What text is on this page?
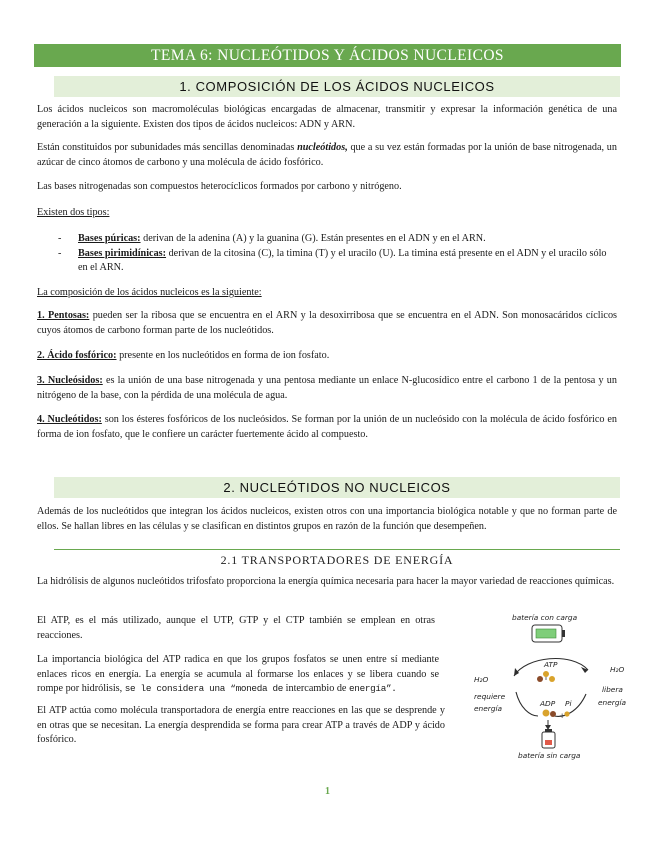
TEMA 6: NUCLEÓTIDOS Y ÁCIDOS NUCLEICOS
1. COMPOSICIÓN DE LOS ÁCIDOS NUCLEICOS

Los ácidos nucleicos son macromoléculas biológicas encargadas de almacenar, transmitir y expresar la información genética de una generación a la siguiente. Existen dos tipos de ácidos nucleicos: ADN y ARN.

Están constituidos por subunidades más sencillas denominadas nucleótidos, que a su vez están formadas por la unión de base nitrogenada, un azúcar de cinco átomos de carbono y una molécula de ácido fosfórico.

Las bases nitrogenadas son compuestos heterocíclicos formados por carbono y nitrógeno.

Existen dos tipos:

- Bases púricas: derivan de la adenina (A) y la guanina (G). Están presentes en el ADN y en el ARN.
- Bases pirimidínicas: derivan de la citosina (C), la timina (T) y el uracilo (U). La timina está presente en el ADN y el uracilo sólo en el ARN.

La composición de los ácidos nucleicos es la siguiente:

1. Pentosas: pueden ser la ribosa que se encuentra en el ARN y la desoxirribosa que se encuentra en el ADN. Son monosacáridos cíclicos cuyos átomos de carbono forman parte de los nucleótidos.

2. Ácido fosfórico: presente en los nucleótidos en forma de ion fosfato.

3. Nucleósidos: es la unión de una base nitrogenada y una pentosa mediante un enlace N-glucosídico entre el carbono 1 de la pentosa y un nitrógeno de la base, con la pérdida de una molécula de agua.

4. Nucleótidos: son los ésteres fosfóricos de los nucleósidos. Se forman por la unión de un nucleósido con la molécula de ácido fosfórico en forma de ion fosfato, que le confiere un carácter fuertemente ácido al compuesto.

2. NUCLEÓTIDOS NO NUCLEICOS

Además de los nucleótidos que integran los ácidos nucleicos, existen otros con una importancia biológica notable y que no forman parte de ellos. Se hallan libres en las células y se clasifican en distintos grupos en razón de la función que desempeñen.

2.1 TRANSPORTADORES DE ENERGÍA

La hidrólisis de algunos nucleótidos trifosfato proporciona la energía química necesaria para hacer la mayor variedad de reacciones químicas.

El ATP, es el más utilizado, aunque el UTP, GTP y el CTP también se emplean en otras reacciones.

La importancia biológica del ATP radica en que los grupos fosfatos se unen entre sí mediante enlaces ricos en energía. La energía se acumula al formarse los enlaces y se libera cuando se rompe por hidrólisis, se le considera una “moneda de intercambio de energía”.

El ATP actúa como molécula transportadora de energía entre reacciones en las que se desprende y en otras que se necesitan. La energía desprendida se forma para crear ATP a través de ADP y ácido fosfórico.

batería con carga
ATP
H₂O
requiere
energía
H₂O
libera
energía
ADP Pi
+
batería sin carga
1
